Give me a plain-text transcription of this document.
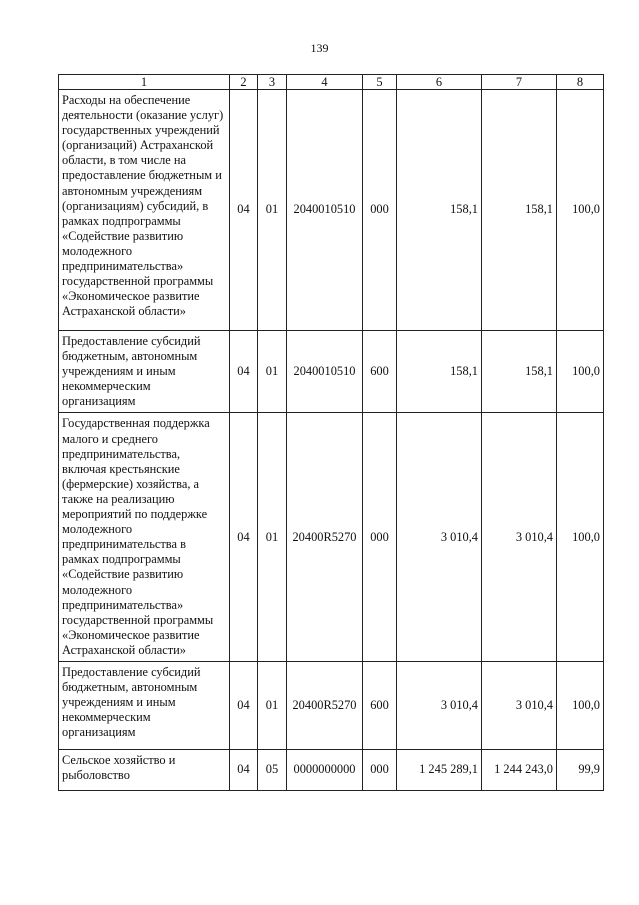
139
1	2	3	4	5	6	7	8
Расходы на обеспечение деятельности (оказание услуг) государственных учреждений (организаций) Астраханской области, в том числе на предоставление бюджетным и автономным учреждениям (организациям) субсидий, в рамках подпрограммы «Содействие развитию молодежного предпринимательства» государственной программы «Экономическое развитие Астраханской области»	04	01	2040010510	000	158,1	158,1	100,0
Предоставление субсидий бюджетным, автономным учреждениям и иным некоммерческим организациям	04	01	2040010510	600	158,1	158,1	100,0
Государственная поддержка малого и среднего предпринимательства, включая крестьянские (фермерские) хозяйства, а также на реализацию мероприятий по поддержке молодежного предпринимательства в рамках подпрограммы «Содействие развитию молодежного предпринимательства» государственной программы «Экономическое развитие Астраханской области»	04	01	20400R5270	000	3 010,4	3 010,4	100,0
Предоставление субсидий бюджетным, автономным учреждениям и иным некоммерческим организациям	04	01	20400R5270	600	3 010,4	3 010,4	100,0
Сельское хозяйство и рыболовство	04	05	0000000000	000	1 245 289,1	1 244 243,0	99,9
